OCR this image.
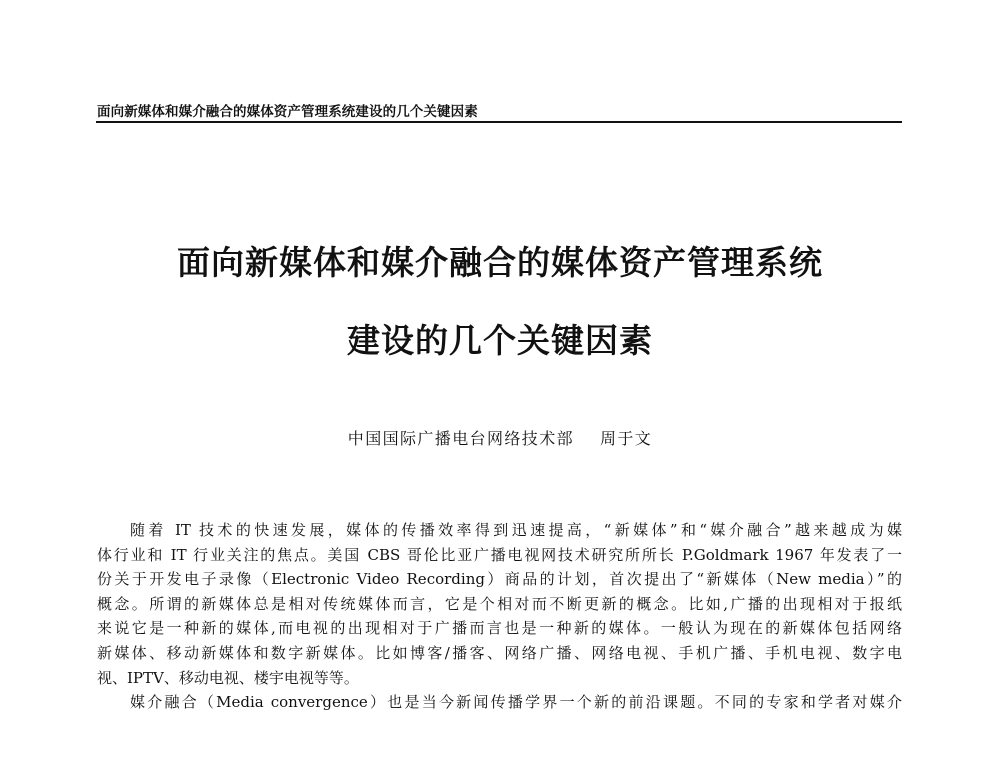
面向新媒体和媒介融合的媒体资产管理系统建设的几个关键因素
面向新媒体和媒介融合的媒体资产管理系统
建设的几个关键因素
中国国际广播电台网络技术部 周于文

随着 IT 技术的快速发展，媒体的传播效率得到迅速提高，“新媒体”和“媒介融合”越来越成为媒
体行业和 IT 行业关注的焦点。美国 CBS 哥伦比亚广播电视网技术研究所所长 P.Goldmark 1967 年发表了一
份关于开发电子录像（Electronic Video Recording）商品的计划，首次提出了“新媒体（New media）”的
概念。所谓的新媒体总是相对传统媒体而言，它是个相对而不断更新的概念。比如,广播的出现相对于报纸
来说它是一种新的媒体,而电视的出现相对于广播而言也是一种新的媒体。一般认为现在的新媒体包括网络
新媒体、移动新媒体和数字新媒体。比如博客/播客、网络广播、网络电视、手机广播、手机电视、数字电
视、IPTV、移动电视、楼宇电视等等。

媒介融合（Media convergence）也是当今新闻传播学界一个新的前沿课题。不同的专家和学者对媒介
